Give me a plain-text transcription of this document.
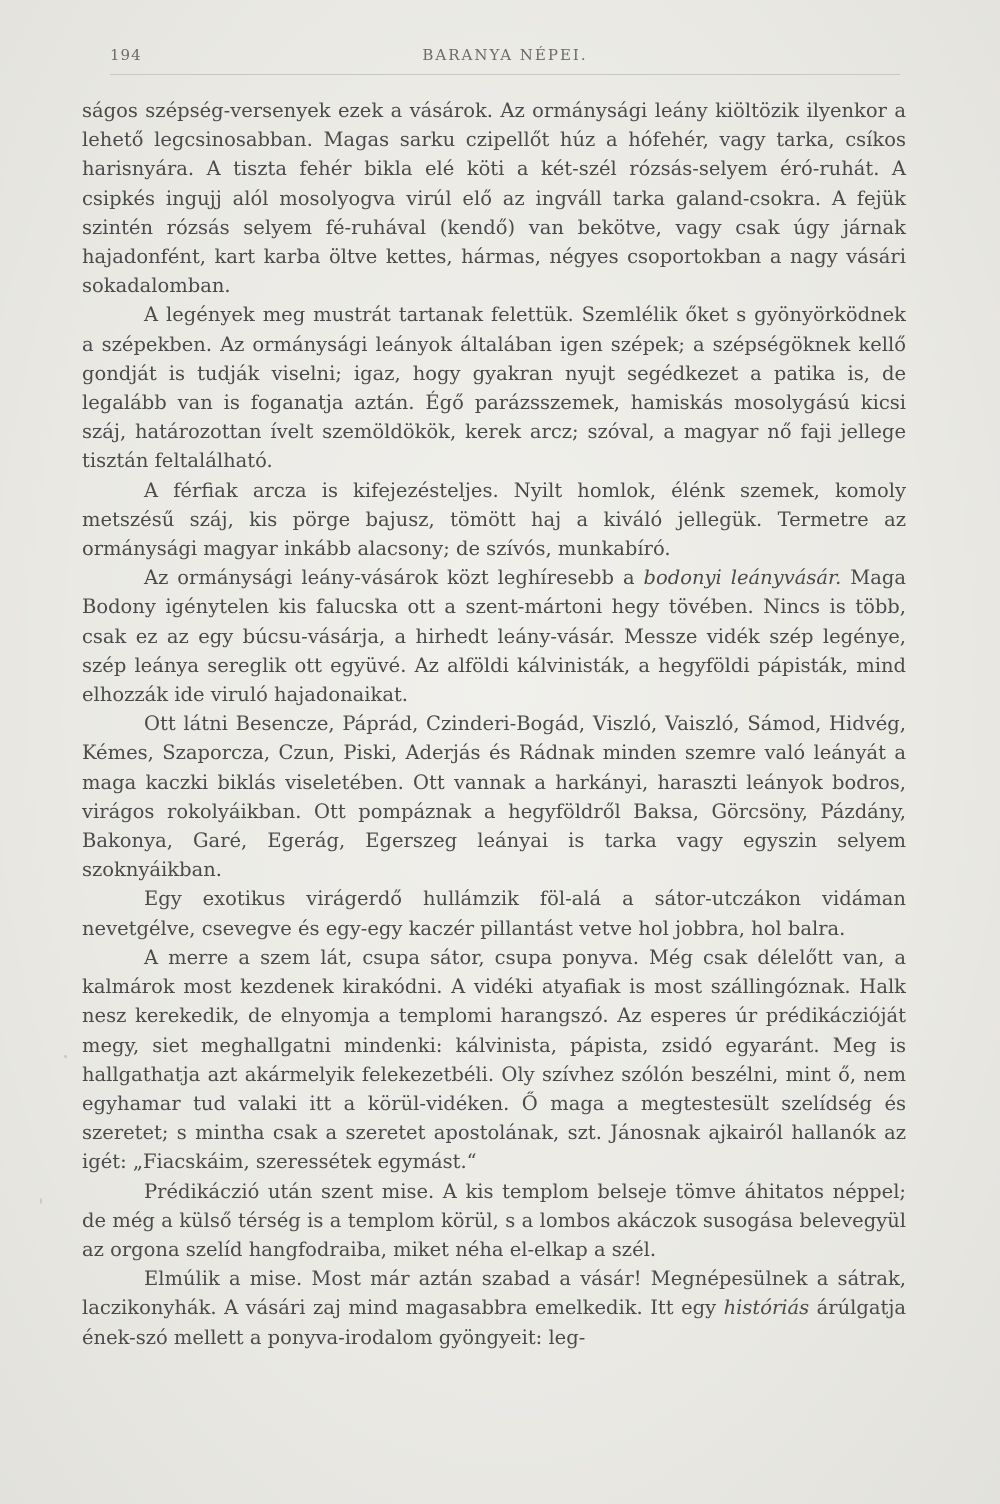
194	BARANYA NÉPEI.

ságos szépség-versenyek ezek a vásárok. Az ormánysági leány kiöltözik ilyenkor a lehető legcsinosabban. Magas sarku czipellőt húz a hófehér, vagy tarka, csíkos harisnyára. A tiszta fehér bikla elé köti a két-szél rózsás-selyem éró-ruhát. A csipkés ingujj alól mosolyogva virúl elő az ingváll tarka galand-csokra. A fejük szintén rózsás selyem fé-ruhával (kendő) van bekötve, vagy csak úgy járnak hajadonfént, kart karba öltve kettes, hármas, négyes csoportokban a nagy vásári sokadalomban.

A legények meg mustrát tartanak felettük. Szemlélik őket s gyönyörködnek a szépekben. Az ormánysági leányok általában igen szépek; a szépségöknek kellő gondját is tudják viselni; igaz, hogy gyakran nyujt segédkezet a patika is, de legalább van is foganatja aztán. Égő parázsszemek, hamiskás mosolygású kicsi száj, határozottan ívelt szemöldökök, kerek arcz; szóval, a magyar nő faji jellege tisztán feltalálható.

A férfiak arcza is kifejezésteljes. Nyilt homlok, élénk szemek, komoly metszésű száj, kis pörge bajusz, tömött haj a kiváló jellegük. Termetre az ormánysági magyar inkább alacsony; de szívós, munkabíró.

Az ormánysági leány-vásárok közt leghíresebb a bodonyi leányvásár. Maga Bodony igénytelen kis falucska ott a szent-mártoni hegy tövében. Nincs is több, csak ez az egy búcsu-vásárja, a hirhedt leány-vásár. Messze vidék szép legénye, szép leánya sereglik ott együvé. Az alföldi kálvinisták, a hegyföldi pápisták, mind elhozzák ide viruló hajadonaikat.

Ott látni Besencze, Páprád, Czinderi-Bogád, Viszló, Vaiszló, Sámod, Hidvég, Kémes, Szaporcza, Czun, Piski, Aderjás és Rádnak minden szemre való leányát a maga kaczki biklás viseletében. Ott vannak a harkányi, haraszti leányok bodros, virágos rokolyáikban. Ott pompáznak a hegyföldről Baksa, Görcsöny, Pázdány, Bakonya, Garé, Egerág, Egerszeg leányai is tarka vagy egyszin selyem szoknyáikban.

Egy exotikus virágerdő hullámzik föl-alá a sátor-utczákon vidáman nevetgélve, csevegve és egy-egy kaczér pillantást vetve hol jobbra, hol balra.

A merre a szem lát, csupa sátor, csupa ponyva. Még csak délelőtt van, a kalmárok most kezdenek kirakódni. A vidéki atyafiak is most szállingóznak. Halk nesz kerekedik, de elnyomja a templomi harangszó. Az esperes úr prédikáczióját megy, siet meghallgatni mindenki: kálvinista, pápista, zsidó egyaránt. Meg is hallgathatja azt akármelyik felekezetbéli. Oly szívhez szólón beszélni, mint ő, nem egyhamar tud valaki itt a körül-vidéken. Ő maga a megtestesült szelídség és szeretet; s mintha csak a szeretet apostolának, szt. Jánosnak ajkairól hallanók az igét: „Fiacskáim, szeressétek egymást.“

Prédikáczió után szent mise. A kis templom belseje tömve áhitatos néppel; de még a külső térség is a templom körül, s a lombos akáczok susogása belevegyül az orgona szelíd hangfodraiba, miket néha el-elkap a szél.

Elmúlik a mise. Most már aztán szabad a vásár! Megnépesülnek a sátrak, laczikonyhák. A vásári zaj mind magasabbra emelkedik. Itt egy históriás árúlgatja ének-szó mellett a ponyva-irodalom gyöngyeit: leg-
